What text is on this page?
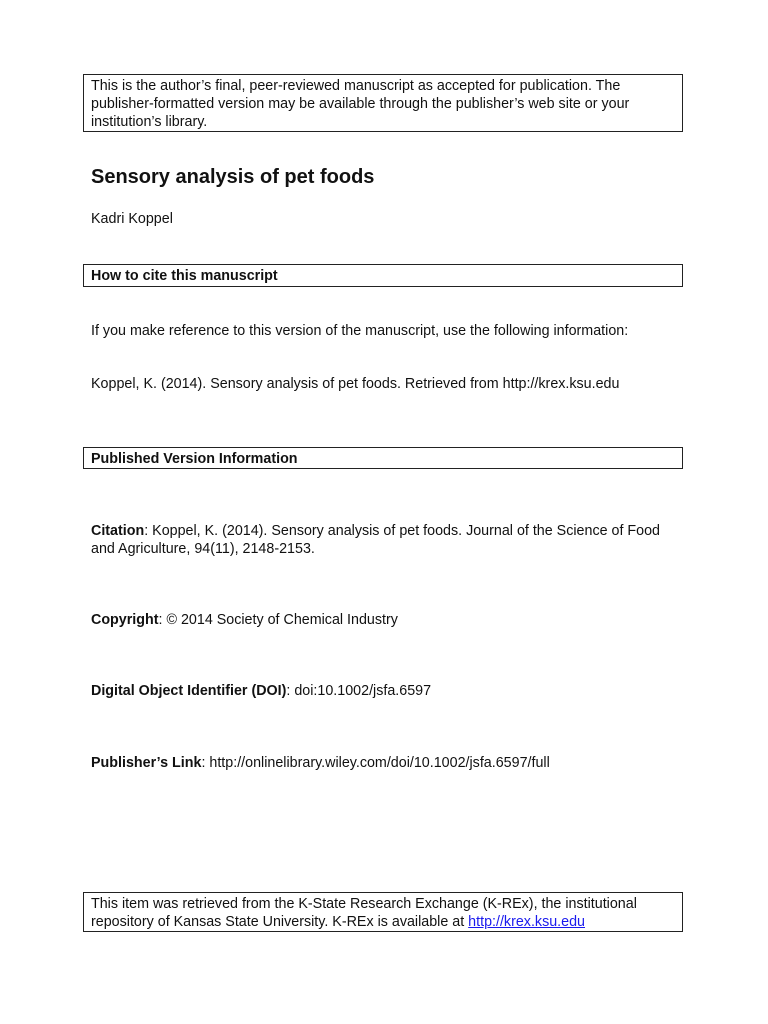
This is the author’s final, peer-reviewed manuscript as accepted for publication. The publisher-formatted version may be available through the publisher’s web site or your institution’s library.

Sensory analysis of pet foods

Kadri Koppel

How to cite this manuscript

If you make reference to this version of the manuscript, use the following information:

Koppel, K. (2014). Sensory analysis of pet foods. Retrieved from http://krex.ksu.edu

Published Version Information

Citation: Koppel, K. (2014). Sensory analysis of pet foods. Journal of the Science of Food and Agriculture, 94(11), 2148-2153.

Copyright: © 2014 Society of Chemical Industry

Digital Object Identifier (DOI): doi:10.1002/jsfa.6597

Publisher’s Link: http://onlinelibrary.wiley.com/doi/10.1002/jsfa.6597/full

This item was retrieved from the K-State Research Exchange (K-REx), the institutional repository of Kansas State University. K-REx is available at http://krex.ksu.edu
